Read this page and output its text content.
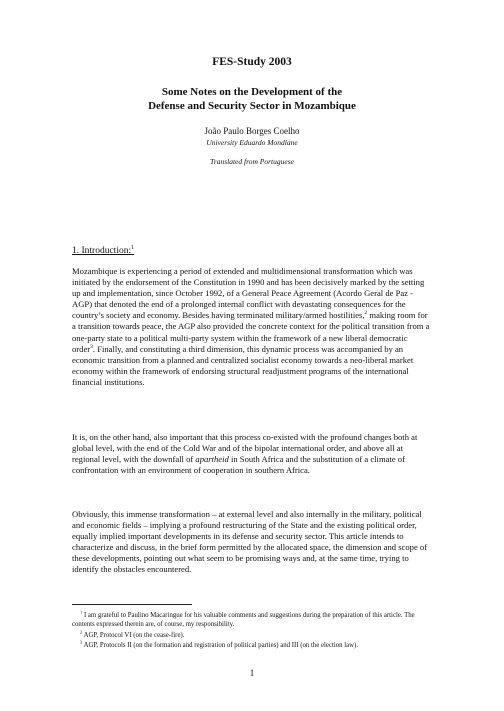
FES-Study 2003
Some Notes on the Development of the
Defense and Security Sector in Mozambique
João Paulo Borges Coelho
University Eduardo Mondlane
Translated from Portuguese
1. Introduction:$^1$
Mozambique is experiencing a period of extended and multidimensional transformation which was initiated by the endorsement of the Constitution in 1990 and has been decisively marked by the setting up and implementation, since October 1992, of a General Peace Agreement (Acordo Geral de Paz - AGP) that denoted the end of a prolonged internal conflict with devastating consequences for the country’s society and economy. Besides having terminated military/armed hostilities,$^2$ making room for a transition towards peace, the AGP also provided the concrete context for the political transition from a one-party state to a political multi-party system within the framework of a new liberal democratic order$^3$. Finally, and constituting a third dimension, this dynamic process was accompanied by an economic transition from a planned and centralized socialist economy towards a neo-liberal market economy within the framework of endorsing structural readjustment programs of the international financial institutions.
It is, on the other hand, also important that this process co-existed with the profound changes both at global level, with the end of the Cold War and of the bipolar international order, and above all at regional level, with the downfall of apartheid in South Africa and the substitution of a climate of confrontation with an environment of cooperation in southern Africa.
Obviously, this immense transformation – at external level and also internally in the military, political and economic fields – implying a profound restructuring of the State and the existing political order, equally implied important developments in its defense and security sector. This article intends to characterize and discuss, in the brief form permitted by the allocated space, the dimension and scope of these developments, pointing out what seem to be promising ways and, at the same time, trying to identify the obstacles encountered.
$^1$ I am grateful to Paulino Macaringue for his valuable comments and suggestions during the preparation of this article. The contents expressed therein are, of course, my responsibility.
$^2$ AGP, Protocol VI (on the cease-fire).
$^3$ AGP, Protocols II (on the formation and registration of political parties) and III (on the election law).
1
